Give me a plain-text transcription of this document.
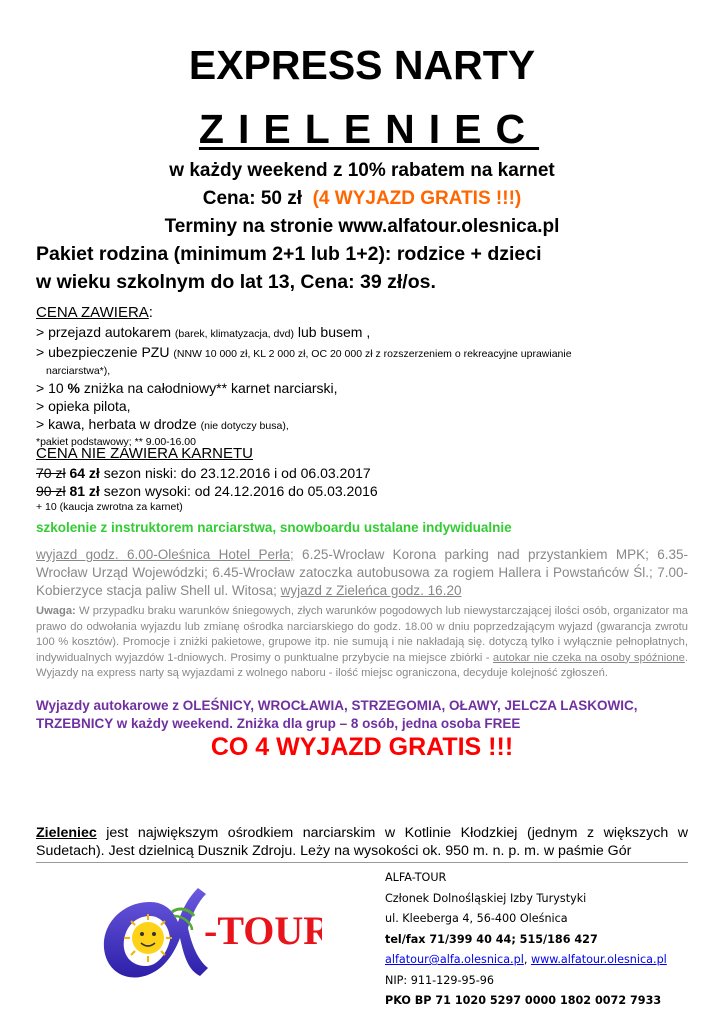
EXPRESS NARTY
ZIELENIEC
w każdy weekend z 10% rabatem na karnet
Cena: 50 zł (4 WYJAZD GRATIS !!!)
Terminy na stronie www.alfatour.olesnica.pl
Pakiet rodzina (minimum 2+1 lub 1+2): rodzice + dzieci
w wieku szkolnym do lat 13, Cena: 39 zł/os.
CENA ZAWIERA:
> przejazd autokarem (barek, klimatyzacja, dvd) lub busem ,
> ubezpieczenie PZU (NNW 10 000 zł, KL 2 000 zł, OC 20 000 zł z rozszerzeniem o rekreacyjne uprawianie
narciarstwa*),
> 10 % zniżka na całodniowy** karnet narciarski,
> opieka pilota,
> kawa, herbata w drodze (nie dotyczy busa),
*pakiet podstawowy; ** 9.00-16.00
CENA NIE ZAWIERA KARNETU
70 zł 64 zł sezon niski: do 23.12.2016 i od 06.03.2017
90 zł 81 zł sezon wysoki: od 24.12.2016 do 05.03.2016
+ 10 (kaucja zwrotna za karnet)
szkolenie z instruktorem narciarstwa, snowboardu ustalane indywidualnie
wyjazd godz. 6.00-Oleśnica Hotel Perła; 6.25-Wrocław Korona parking nad przystankiem MPK; 6.35-Wrocław Urząd Wojewódzki; 6.45-Wrocław zatoczka autobusowa za rogiem Hallera i Powstańców Śl.; 7.00-Kobierzyce stacja paliw Shell ul. Witosa; wyjazd z Zieleńca godz. 16.20
Uwaga: W przypadku braku warunków śniegowych, złych warunków pogodowych lub niewystarczającej ilości osób, organizator ma prawo do odwołania wyjazdu lub zmianę ośrodka narciarskiego do godz. 18.00 w dniu poprzedzającym wyjazd (gwarancja zwrotu 100 % kosztów). Promocje i zniżki pakietowe, grupowe itp. nie sumują i nie nakładają się. dotyczą tylko i wyłącznie pełnopłatnych, indywidualnych wyjazdów 1-dniowych. Prosimy o punktualne przybycie na miejsce zbiórki - autokar nie czeka na osoby spóźnione. Wyjazdy na express narty są wyjazdami z wolnego naboru - ilość miejsc ograniczona, decyduje kolejność zgłoszeń.
Wyjazdy autokarowe z OLEŚNICY, WROCŁAWIA, STRZEGOMIA, OŁAWY, JELCZA LASKOWIC, TRZEBNICY w każdy weekend. Zniżka dla grup – 8 osób, jedna osoba FREE
CO 4 WYJAZD GRATIS !!!
Zieleniec jest największym ośrodkiem narciarskim w Kotlinie Kłodzkiej (jednym z większych w Sudetach). Jest dzielnicą Dusznik Zdroju. Leży na wysokości ok. 950 m. n. p. m. w paśmie Gór
-TOUR
ALFA-TOUR
Członek Dolnośląskiej Izby Turystyki
ul. Kleeberga 4, 56-400 Oleśnica
tel/fax 71/399 40 44; 515/186 427
alfatour@alfa.olesnica.pl, www.alfatour.olesnica.pl
NIP: 911-129-95-96
PKO BP 71 1020 5297 0000 1802 0072 7933
